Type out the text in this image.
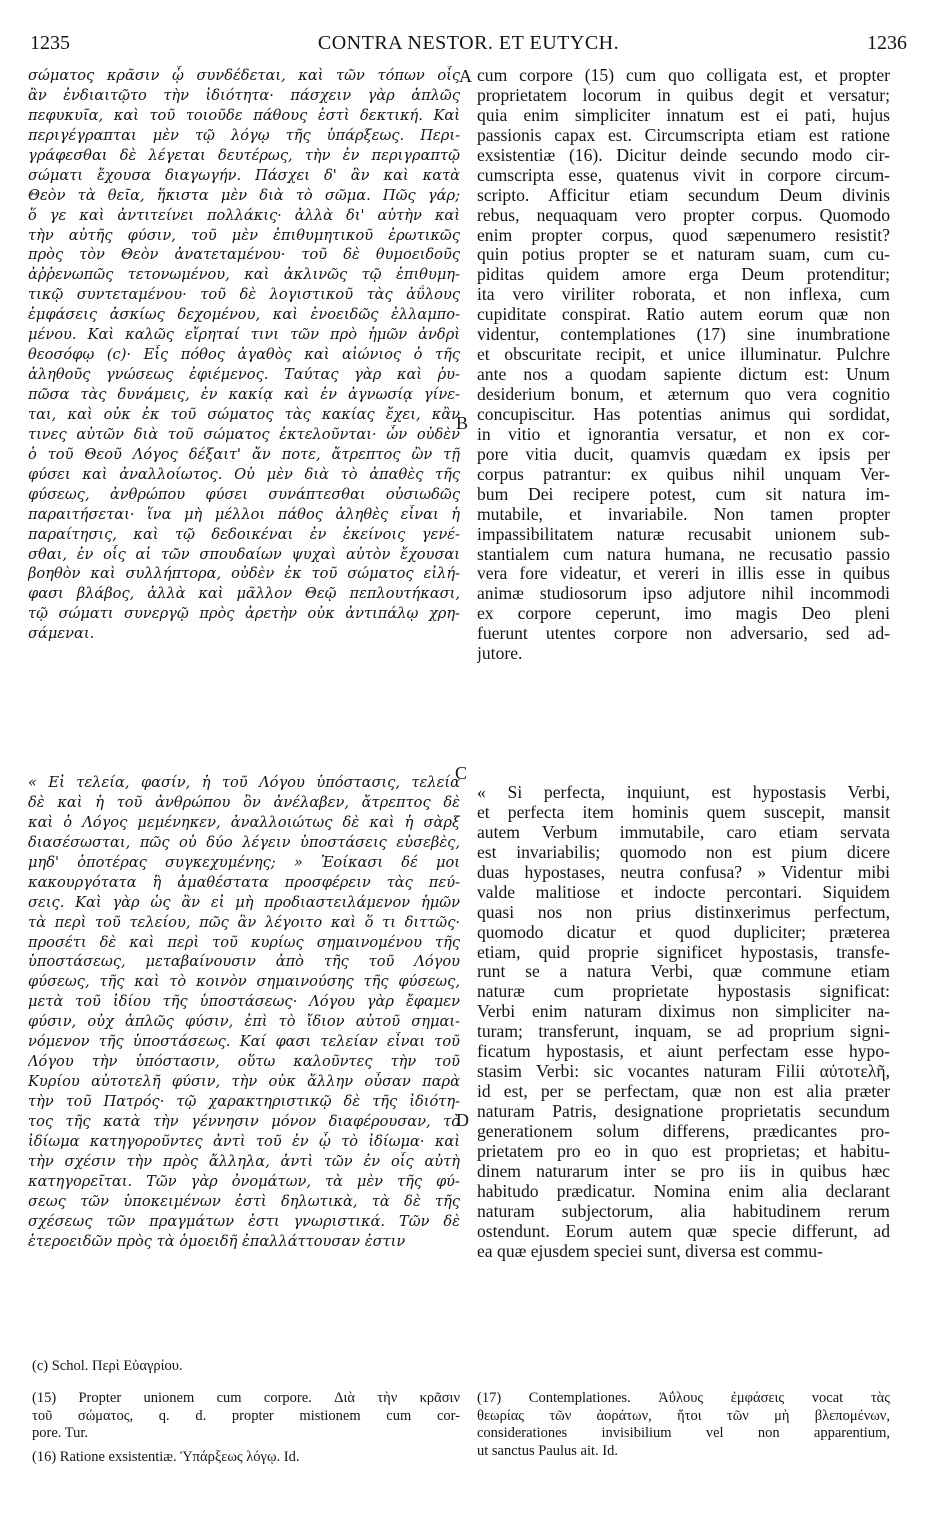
1235	CONTRA NESTOR. ET EUTYCH.	1236
σώματος κρᾶσιν ᾧ συνδέδεται, καὶ τῶν τόπων οἷς
ἂν ἐνδιαιτῷτο τὴν ἰδιότητα· πάσχειν γὰρ ἁπλῶς
πεφυκυῖα, καὶ τοῦ τοιοῦδε πάθους ἐστὶ δεκτική. Καὶ
περιγέγραπται μὲν τῷ λόγῳ τῆς ὑπάρξεως. Περι-
γράφεσθαι δὲ λέγεται δευτέρως, τὴν ἐν περιγραπτῷ
σώματι ἔχουσα διαγωγήν. Πάσχει δ' ἂν καὶ κατὰ
Θεὸν τὰ θεῖα, ἥκιστα μὲν διὰ τὸ σῶμα. Πῶς γάρ;
ὅ γε καὶ ἀντιτείνει πολλάκις· ἀλλὰ δι' αὐτὴν καὶ
τὴν αὐτῆς φύσιν, τοῦ μὲν ἐπιθυμητικοῦ ἐρωτικῶς
πρὸς τὸν Θεὸν ἀνατεταμένου· τοῦ δὲ θυμοειδοῦς
ἀῤῥενωπῶς τετονωμένου, καὶ ἀκλινῶς τῷ ἐπιθυμη-
τικῷ συντεταμένου· τοῦ δὲ λογιστικοῦ τὰς ἀΰλους
ἐμφάσεις ἀσκίως δεχομένου, καὶ ἑνοειδῶς ἐλλαμπο-
μένου. Καὶ καλῶς εἴρηταί τινι τῶν πρὸ ἡμῶν ἀνδρὶ
θεοσόφῳ (c)· Εἷς πόθος ἀγαθὸς καὶ αἰώνιος ὁ τῆς
ἀληθοῦς γνώσεως ἐφιέμενος. Ταύτας γὰρ καὶ ῥυ-
πῶσα τὰς δυνάμεις, ἐν κακίᾳ καὶ ἐν ἀγνωσίᾳ γίνε-
ται, καὶ οὐκ ἐκ τοῦ σώματος τὰς κακίας ἔχει, κἂν
τινες αὐτῶν διὰ τοῦ σώματος ἐκτελοῦνται· ὧν οὐδὲν
ὁ τοῦ Θεοῦ Λόγος δέξαιτ' ἄν ποτε, ἄτρεπτος ὢν τῇ
φύσει καὶ ἀναλλοίωτος. Οὐ μὲν διὰ τὸ ἀπαθὲς τῆς
φύσεως, ἀνθρώπου φύσει συνάπτεσθαι οὐσιωδῶς
παραιτήσεται· ἵνα μὴ μέλλοι πάθος ἀληθὲς εἶναι ἡ
παραίτησις, καὶ τῷ δεδοικέναι ἐν ἐκείνοις γενέ-
σθαι, ἐν οἷς αἱ τῶν σπουδαίων ψυχαὶ αὐτὸν ἔχουσαι
βοηθὸν καὶ συλλήπτορα, οὐδὲν ἐκ τοῦ σώματος εἰλή-
φασι βλάβος, ἀλλὰ καὶ μᾶλλον Θεῷ πεπλουτήκασι,
τῷ σώματι συνεργῷ πρὸς ἀρετὴν οὐκ ἀντιπάλῳ χρη-
σάμεναι.
« Εἰ τελεία, φασίν, ἡ τοῦ Λόγου ὑπόστασις, τελεία
δὲ καὶ ἡ τοῦ ἀνθρώπου ὃν ἀνέλαβεν, ἄτρεπτος δὲ
καὶ ὁ Λόγος μεμένηκεν, ἀναλλοιώτως δὲ καὶ ἡ σὰρξ
διασέσωσται, πῶς οὐ δύο λέγειν ὑποστάσεις εὐσεβὲς,
μηδ' ὁποτέρας συγκεχυμένης; » Ἐοίκασι δέ μοι
κακουργότατα ἢ ἀμαθέστατα προσφέρειν τὰς πεύ-
σεις. Καὶ γὰρ ὡς ἂν εἰ μὴ προδιαστειλάμενον ἡμῶν
τὰ περὶ τοῦ τελείου, πῶς ἂν λέγοιτο καὶ ὅ τι διττῶς·
προσέτι δὲ καὶ περὶ τοῦ κυρίως σημαινομένου τῆς
ὑποστάσεως, μεταβαίνουσιν ἀπὸ τῆς τοῦ Λόγου
φύσεως, τῆς καὶ τὸ κοινὸν σημαινούσης τῆς φύσεως,
μετὰ τοῦ ἰδίου τῆς ὑποστάσεως· Λόγου γὰρ ἔφαμεν
φύσιν, οὐχ ἁπλῶς φύσιν, ἐπὶ τὸ ἴδιον αὐτοῦ σημαι-
νόμενον τῆς ὑποστάσεως. Καί φασι τελείαν εἶναι τοῦ
Λόγου τὴν ὑπόστασιν, οὕτω καλοῦντες τὴν τοῦ
Κυρίου αὐτοτελῆ φύσιν, τὴν οὐκ ἄλλην οὖσαν παρὰ
τὴν τοῦ Πατρός· τῷ χαρακτηριστικῷ δὲ τῆς ἰδιότη-
τος τῆς κατὰ τὴν γέννησιν μόνον διαφέρουσαν, τὸ
ἰδίωμα κατηγοροῦντες ἀντὶ τοῦ ἐν ᾧ τὸ ἰδίωμα· καὶ
τὴν σχέσιν τὴν πρὸς ἄλληλα, ἀντὶ τῶν ἐν οἷς αὐτὴ
κατηγορεῖται. Τῶν γὰρ ὀνομάτων, τὰ μὲν τῆς φύ-
σεως τῶν ὑποκειμένων ἐστὶ δηλωτικὰ, τὰ δὲ τῆς
σχέσεως τῶν πραγμάτων ἐστι γνωριστικά. Τῶν δὲ
ἑτεροειδῶν πρὸς τὰ ὁμοειδῆ ἐπαλλάττουσαν ἐστιν
cum corpore (15) cum quo colligata est, et propter
proprietatem locorum in quibus degit et versatur;
quia enim simpliciter innatum est ei pati, hujus
passionis capax est. Circumscripta etiam est ratione
exsistentiæ (16). Dicitur deinde secundo modo cir-
cumscripta esse, quatenus vivit in corpore circum-
scripto. Afficitur etiam secundum Deum divinis
rebus, nequaquam vero propter corpus. Quomodo
enim propter corpus, quod sæpenumero resistit?
quin potius propter se et naturam suam, cum cu-
piditas quidem amore erga Deum protenditur;
ita vero viriliter roborata, et non inflexa, cum
cupiditate conspirat. Ratio autem eorum quæ non
videntur, contemplationes (17) sine inumbratione
et obscuritate recipit, et unice illuminatur. Pulchre
ante nos a quodam sapiente dictum est: Unum
desiderium bonum, et æternum quo vera cognitio
concupiscitur. Has potentias animus qui sordidat,
in vitio et ignorantia versatur, et non ex cor-
pore vitia ducit, quamvis quædam ex ipsis per
corpus patrantur: ex quibus nihil unquam Ver-
bum Dei recipere potest, cum sit natura im-
mutabile, et invariabile. Non tamen propter
impassibilitatem naturæ recusabit unionem sub-
stantialem cum natura humana, ne recusatio passio
vera fore videatur, et vereri in illis esse in quibus
animæ studiosorum ipso adjutore nihil incommodi
ex corpore ceperunt, imo magis Deo pleni
fuerunt utentes corpore non adversario, sed ad-
jutore.
« Si perfecta, inquiunt, est hypostasis Verbi,
et perfecta item hominis quem suscepit, mansit
autem Verbum immutabile, caro etiam servata
est invariabilis; quomodo non est pium dicere
duas hypostases, neutra confusa? » Videntur mibi
valde malitiose et indocte percontari. Siquidem
quasi nos non prius distinxerimus perfectum,
quomodo dicatur et quod dupliciter; præterea
etiam, quid proprie significet hypostasis, transfe-
runt se a natura Verbi, quæ commune etiam
naturæ cum proprietate hypostasis significat:
Verbi enim naturam diximus non simpliciter na-
turam; transferunt, inquam, se ad proprium signi-
ficatum hypostasis, et aiunt perfectam esse hypo-
stasim Verbi: sic vocantes naturam Filii αὐτοτελῆ,
id est, per se perfectam, quæ non est alia præter
naturam Patris, designatione proprietatis secundum
generationem solum differens, prædicantes pro-
prietatem pro eo in quo est proprietas; et habitu-
dinem naturarum inter se pro iis in quibus hæc
habitudo prædicatur. Nomina enim alia declarant
naturam subjectorum, alia habitudinem rerum
ostendunt. Eorum autem quæ specie differunt, ad
ea quæ ejusdem speciei sunt, diversa est commu-
A
B
C
D
(c) Schol. Περὶ Εὐαγρίου.
(15) Propter unionem cum corpore. Διὰ τὴν κρᾶσιν
τοῦ σώματος, q. d. propter mistionem cum cor-
pore. Tur.
(16) Ratione exsistentiæ. Ὑπάρξεως λόγῳ. Id.
(17) Contemplationes. Ἀΰλους ἐμφάσεις vocat τὰς
θεωρίας τῶν ἀοράτων, ἤτοι τῶν μὴ βλεπομένων,
considerationes invisibilium vel non apparentium,
ut sanctus Paulus ait. Id.
